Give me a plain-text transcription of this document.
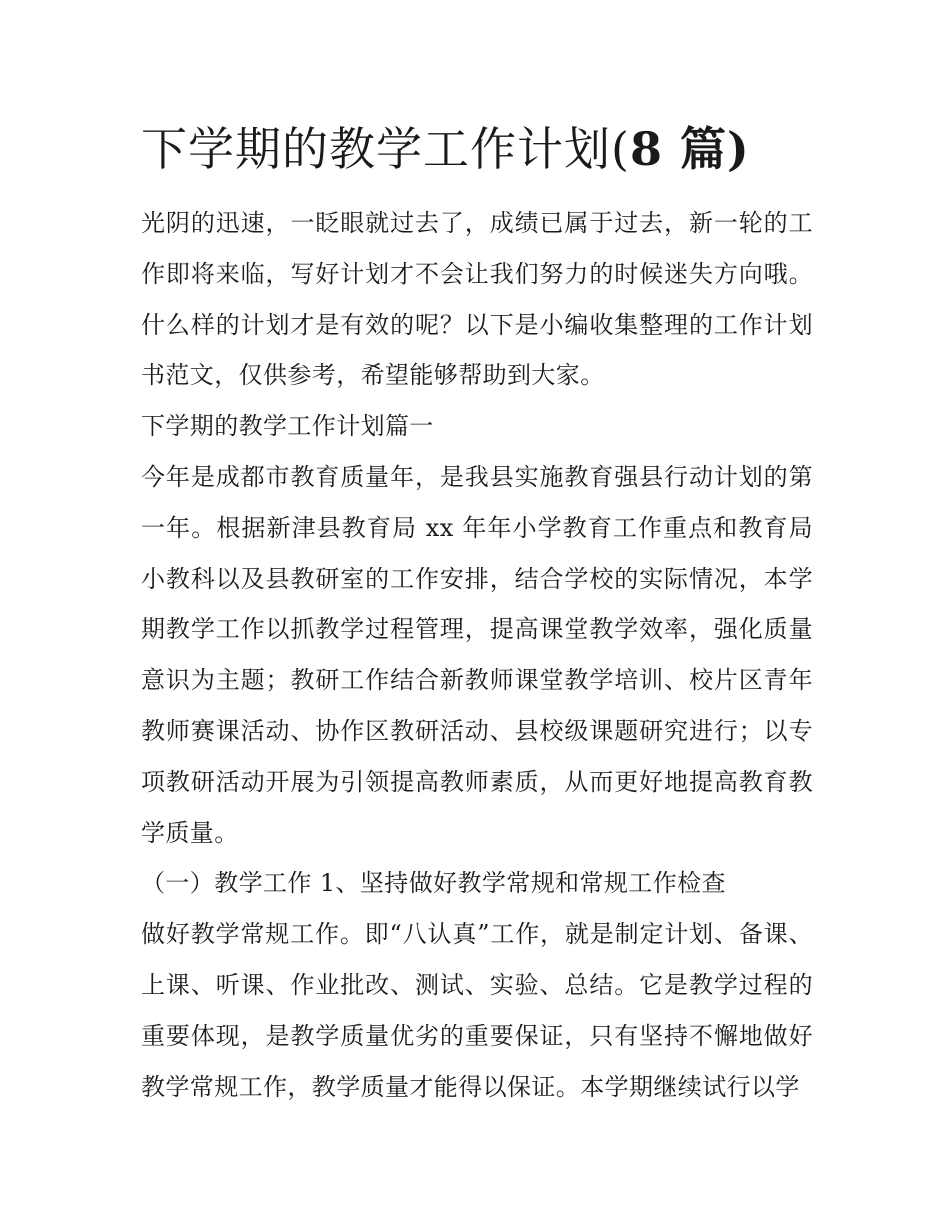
下学期的教学工作计划(8 篇)

光阴的迅速，一眨眼就过去了，成绩已属于过去，新一轮的工作即将来临，写好计划才不会让我们努力的时候迷失方向哦。什么样的计划才是有效的呢？以下是小编收集整理的工作计划书范文，仅供参考，希望能够帮助到大家。

下学期的教学工作计划篇一

今年是成都市教育质量年，是我县实施教育强县行动计划的第一年。根据新津县教育局 xx 年年小学教育工作重点和教育局小教科以及县教研室的工作安排，结合学校的实际情况，本学期教学工作以抓教学过程管理，提高课堂教学效率，强化质量意识为主题；教研工作结合新教师课堂教学培训、校片区青年教师赛课活动、协作区教研活动、县校级课题研究进行；以专项教研活动开展为引领提高教师素质，从而更好地提高教育教学质量。

（一）教学工作 1、坚持做好教学常规和常规工作检查

做好教学常规工作。即“八认真”工作，就是制定计划、备课、上课、听课、作业批改、测试、实验、总结。它是教学过程的重要体现，是教学质量优劣的重要保证，只有坚持不懈地做好教学常规工作，教学质量才能得以保证。本学期继续试行以学
